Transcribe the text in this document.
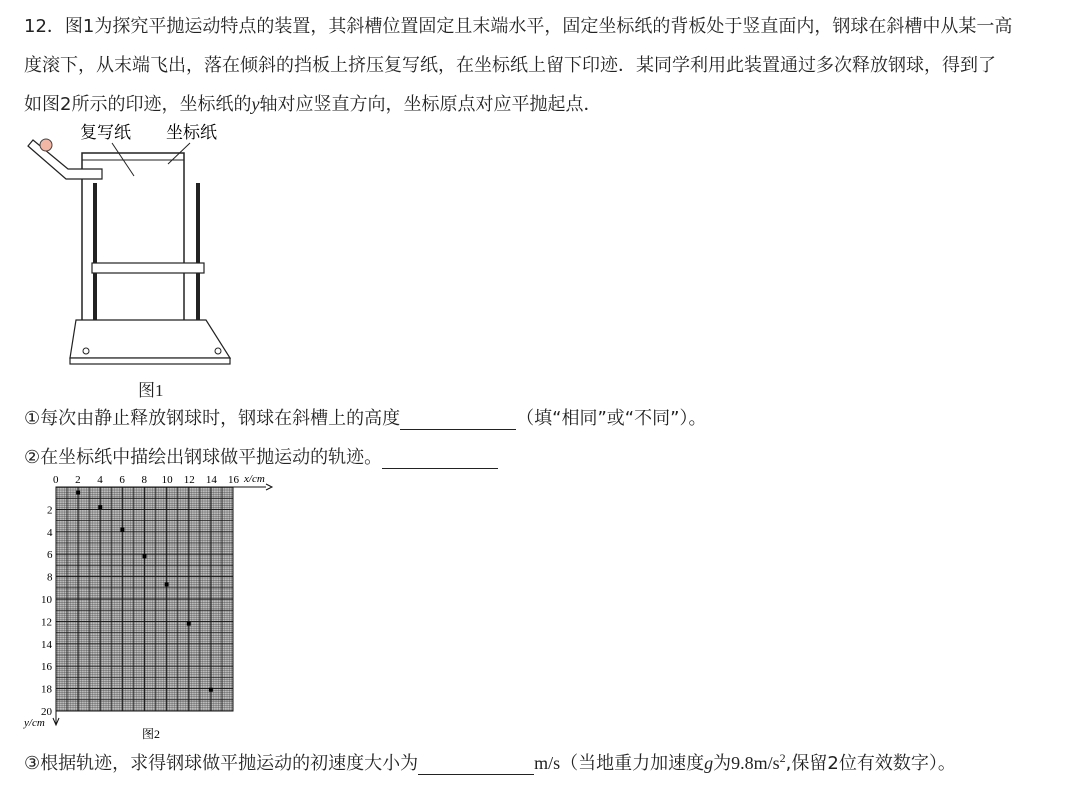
12．图1为探究平抛运动特点的装置，其斜槽位置固定且末端水平，固定坐标纸的背板处于竖直面内，钢球在斜槽中从某一高
度滚下，从末端飞出，落在倾斜的挡板上挤压复写纸，在坐标纸上留下印迹．某同学利用此装置通过多次释放钢球，得到了
如图2所示的印迹，坐标纸的y轴对应竖直方向，坐标原点对应平抛起点．
复写纸 坐标纸
图1
①每次由静止释放钢球时，钢球在斜槽上的高度	（填“相同”或“不同”）。
②在坐标纸中描绘出钢球做平抛运动的轨迹。
x/cm
y/cm
0 2 4 6 8 10 12 14 16
2
4
6
8
10
12
14
16
18
20
图2
③根据轨迹，求得钢球做平抛运动的初速度大小为	m/s（当地重力加速度g为$9.8m/s^2$,保留2位有效数字）。
